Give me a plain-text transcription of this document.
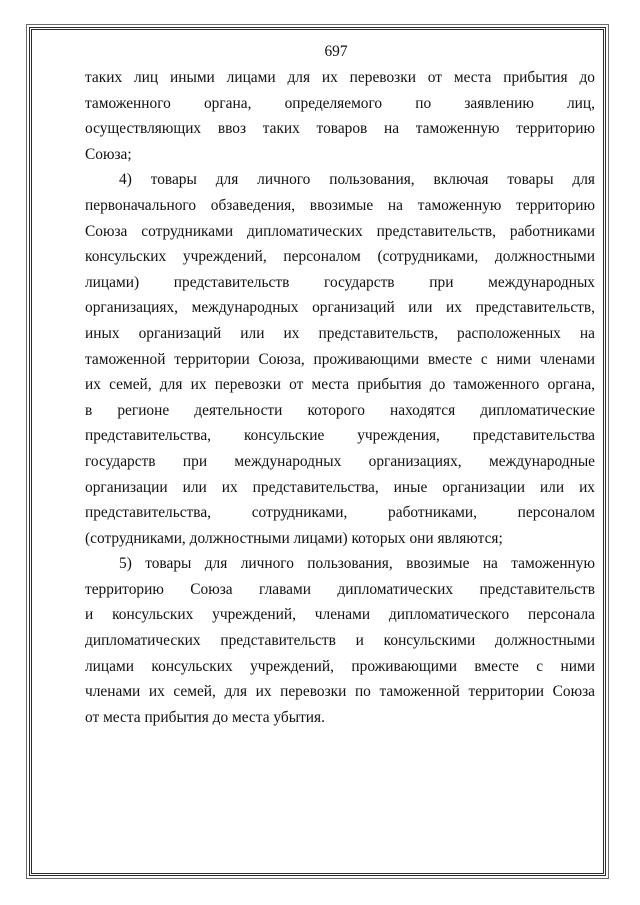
697
таких лиц иными лицами для их перевозки от места прибытия до
таможенного органа, определяемого по заявлению лиц,
осуществляющих ввоз таких товаров на таможенную территорию
Союза;
4) товары для личного пользования, включая товары для
первоначального обзаведения, ввозимые на таможенную территорию
Союза сотрудниками дипломатических представительств, работниками
консульских учреждений, персоналом (сотрудниками, должностными
лицами) представительств государств при международных
организациях, международных организаций или их представительств,
иных организаций или их представительств, расположенных на
таможенной территории Союза, проживающими вместе с ними членами
их семей, для их перевозки от места прибытия до таможенного органа,
в регионе деятельности которого находятся дипломатические
представительства, консульские учреждения, представительства
государств при международных организациях, международные
организации или их представительства, иные организации или их
представительства, сотрудниками, работниками, персоналом
(сотрудниками, должностными лицами) которых они являются;
5) товары для личного пользования, ввозимые на таможенную
территорию Союза главами дипломатических представительств
и консульских учреждений, членами дипломатического персонала
дипломатических представительств и консульскими должностными
лицами консульских учреждений, проживающими вместе с ними
членами их семей, для их перевозки по таможенной территории Союза
от места прибытия до места убытия.
